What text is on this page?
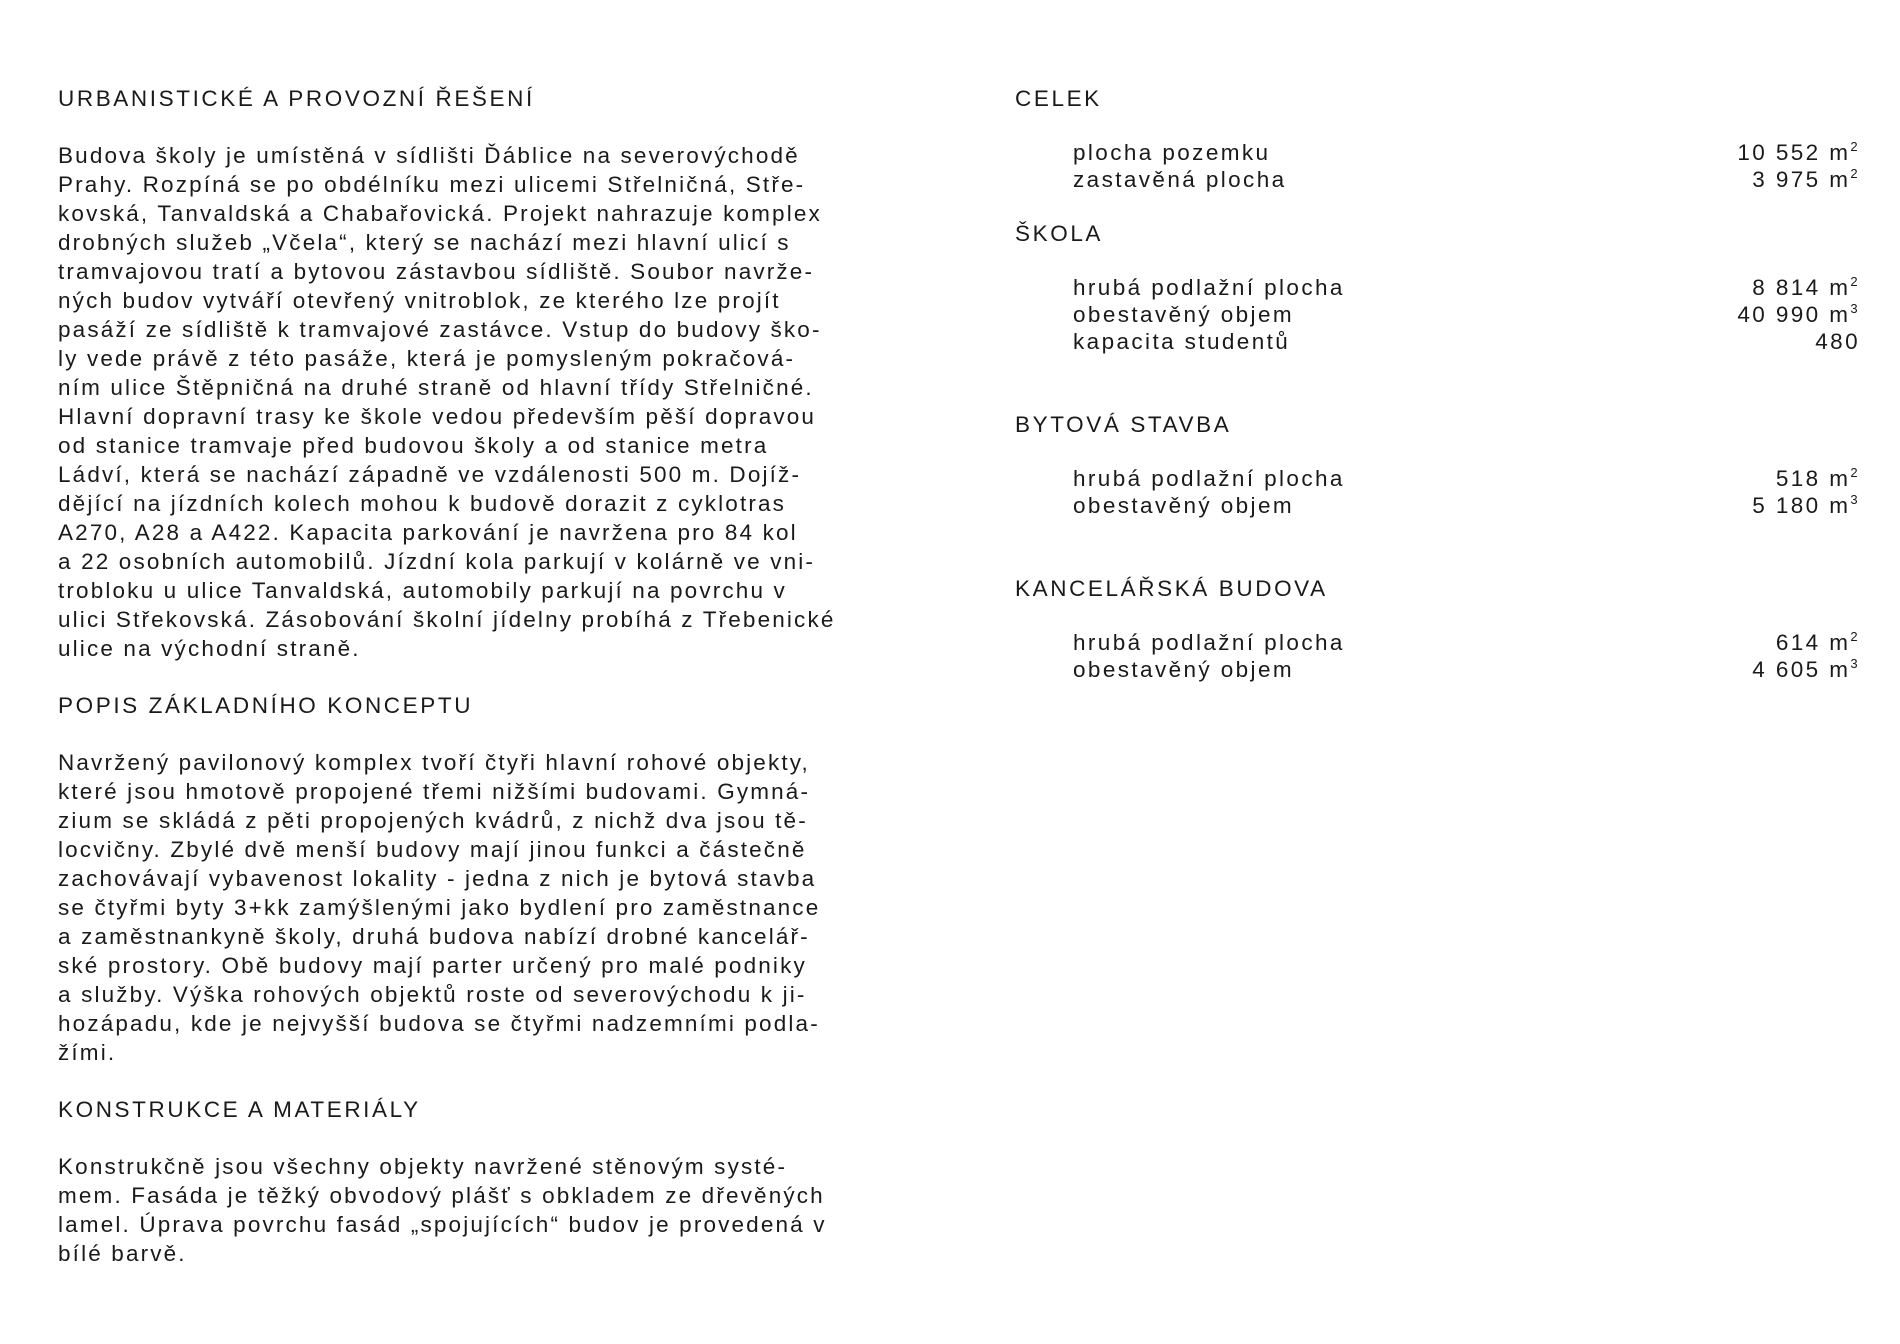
URBANISTICKÉ A PROVOZNÍ ŘEŠENÍ
Budova školy je umístěná v sídlišti Ďáblice na severovýchodě
Prahy. Rozpíná se po obdélníku mezi ulicemi Střelničná, Stře-
kovská, Tanvaldská a Chabařovická. Projekt nahrazuje komplex
drobných služeb „Včela“, který se nachází mezi hlavní ulicí s
tramvajovou tratí a bytovou zástavbou sídliště. Soubor navrže-
ných budov vytváří otevřený vnitroblok, ze kterého lze projít
pasáží ze sídliště k tramvajové zastávce. Vstup do budovy ško-
ly vede právě z této pasáže, která je pomysleným pokračová-
ním ulice Štěpničná na druhé straně od hlavní třídy Střelničné.
Hlavní dopravní trasy ke škole vedou především pěší dopravou
od stanice tramvaje před budovou školy a od stanice metra
Ládví, která se nachází západně ve vzdálenosti 500 m. Dojíž-
dějící na jízdních kolech mohou k budově dorazit z cyklotras
A270, A28 a A422. Kapacita parkování je navržena pro 84 kol
a 22 osobních automobilů. Jízdní kola parkují v kolárně ve vni-
trobloku u ulice Tanvaldská, automobily parkují na povrchu v
ulici Střekovská. Zásobování školní jídelny probíhá z Třebenické
ulice na východní straně.
POPIS ZÁKLADNÍHO KONCEPTU
Navržený pavilonový komplex tvoří čtyři hlavní rohové objekty,
které jsou hmotově propojené třemi nižšími budovami. Gymná-
zium se skládá z pěti propojených kvádrů, z nichž dva jsou tě-
locvičny. Zbylé dvě menší budovy mají jinou funkci a částečně
zachovávají vybavenost lokality - jedna z nich je bytová stavba
se čtyřmi byty 3+kk zamýšlenými jako bydlení pro zaměstnance
a zaměstnankyně školy, druhá budova nabízí drobné kancelář-
ské prostory. Obě budovy mají parter určený pro malé podniky
a služby. Výška rohových objektů roste od severovýchodu k ji-
hozápadu, kde je nejvyšší budova se čtyřmi nadzemními podla-
žími.
KONSTRUKCE A MATERIÁLY
Konstrukčně jsou všechny objekty navržené stěnovým systé-
mem. Fasáda je těžký obvodový plášť s obkladem ze dřevěných
lamel. Úprava povrchu fasád „spojujících“ budov je provedená v
bílé barvě.
CELEK
plocha pozemku	10 552 $m^2$
zastavěná plocha	3 975 $m^2$
ŠKOLA
hrubá podlažní plocha	8 814 $m^2$
obestavěný objem	40 990 $m^3$
kapacita studentů	480
BYTOVÁ STAVBA
hrubá podlažní plocha	518 $m^2$
obestavěný objem	5 180 $m^3$
KANCELÁŘSKÁ BUDOVA
hrubá podlažní plocha	614 $m^2$
obestavěný objem	4 605 $m^3$
